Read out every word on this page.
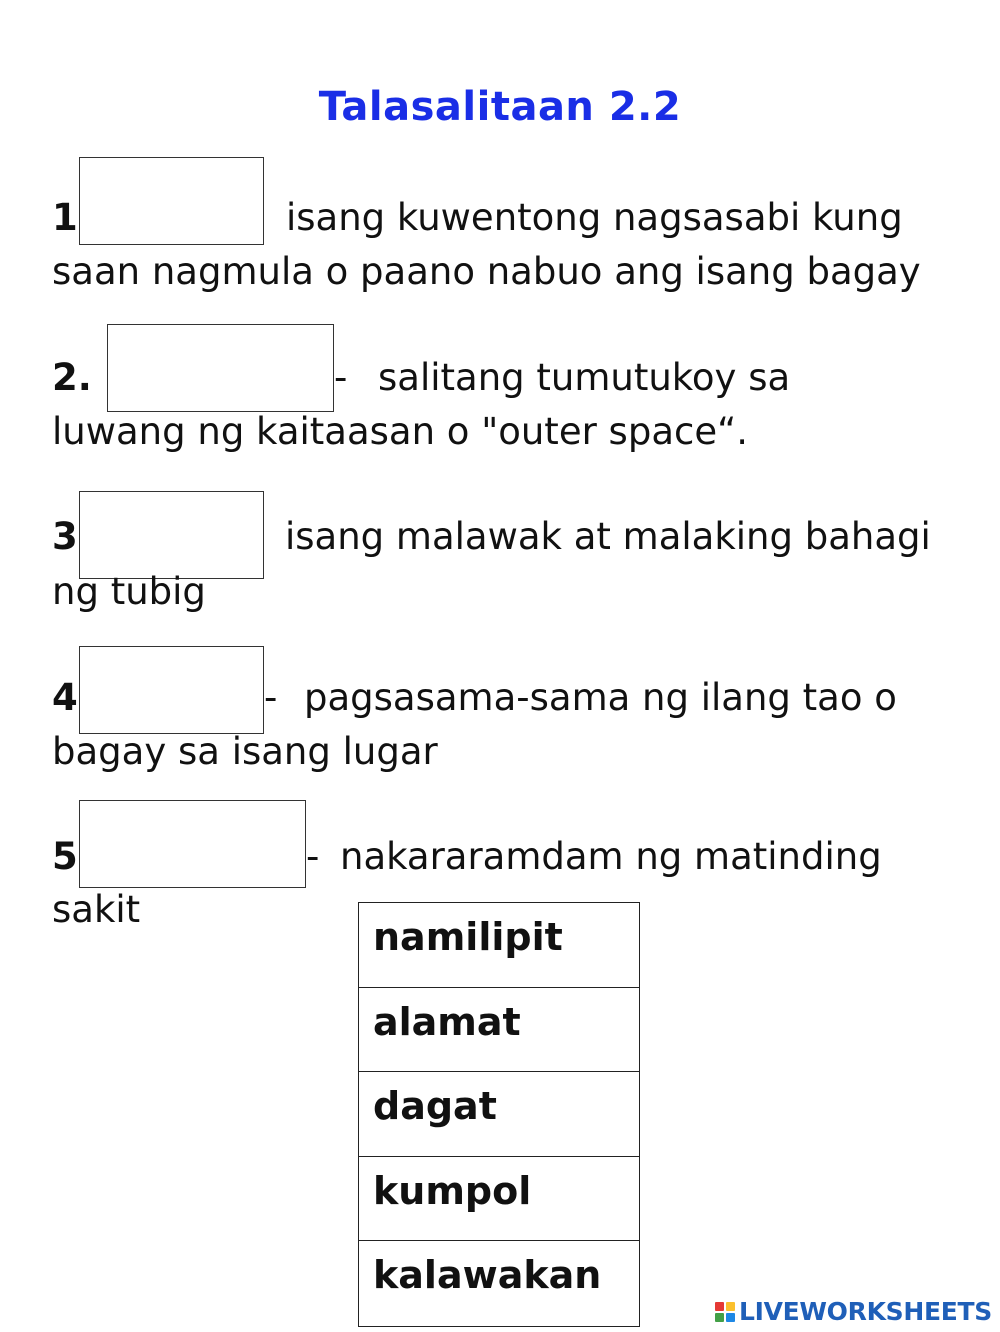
Talasalitaan 2.2
1	isang kuwentong nagsasabi kung
saan nagmula o paano nabuo ang isang bagay
2.	- salitang tumutukoy sa
luwang ng kaitaasan o "outer space“.
3	isang malawak at malaking bahagi
ng tubig
4	- pagsasama-sama ng ilang tao o
bagay sa isang lugar
5	- nakararamdam ng matinding
sakit
namilipit
alamat
dagat
kumpol
kalawakan
LIVEWORKSHEETS
